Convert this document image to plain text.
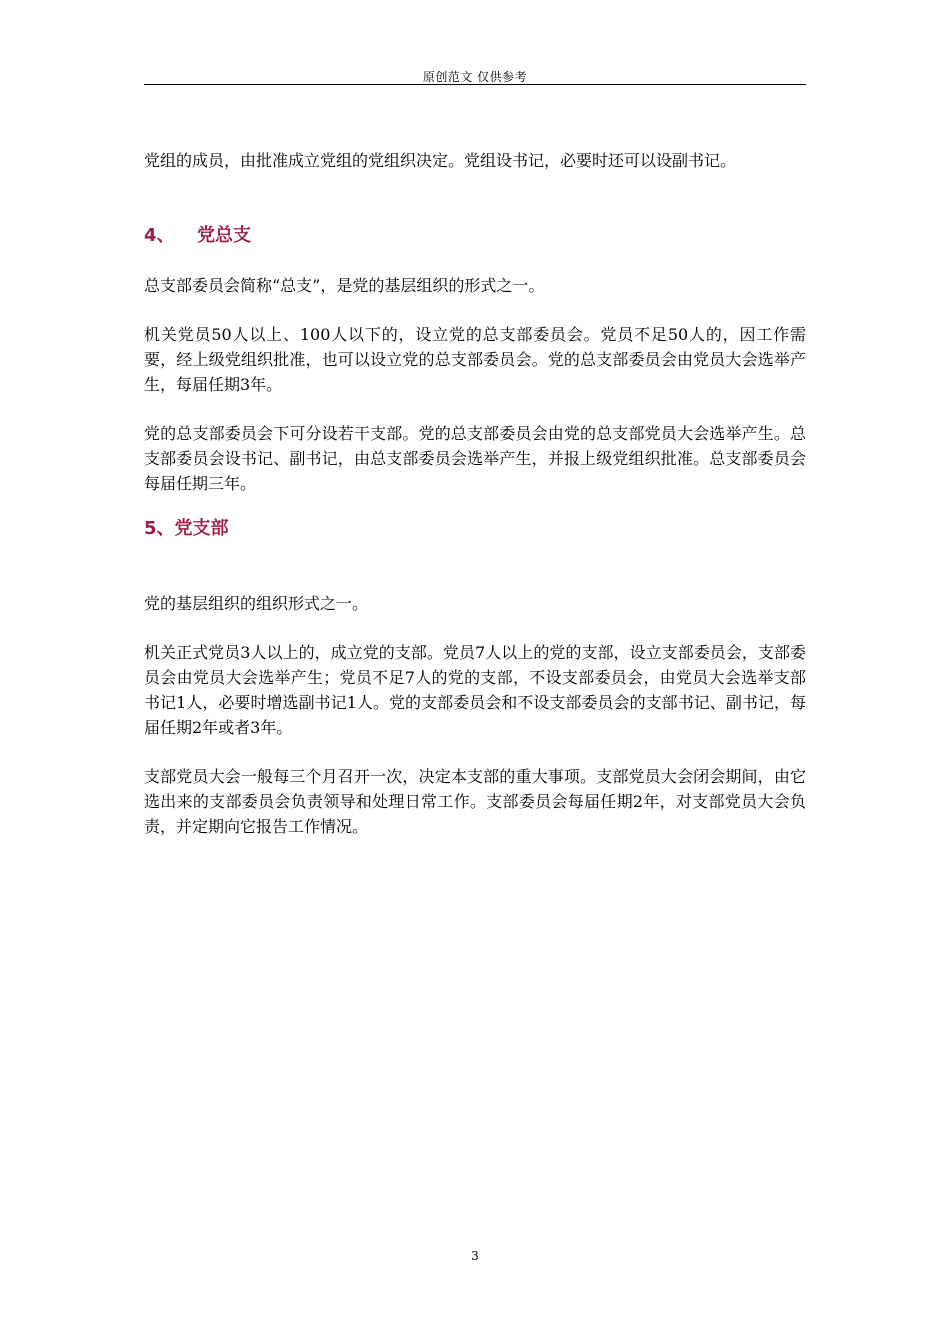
原创范文 仅供参考

党组的成员，由批准成立党组的党组织决定。党组设书记，必要时还可以设副书记。

4、 党总支

总支部委员会简称“总支”，是党的基层组织的形式之一。

机关党员50人以上、100人以下的，设立党的总支部委员会。党员不足50人的，因工作需要，经上级党组织批准，也可以设立党的总支部委员会。党的总支部委员会由党员大会选举产生，每届任期3年。

党的总支部委员会下可分设若干支部。党的总支部委员会由党的总支部党员大会选举产生。总支部委员会设书记、副书记，由总支部委员会选举产生，并报上级党组织批准。总支部委员会每届任期三年。

5、党支部

党的基层组织的组织形式之一。

机关正式党员3人以上的，成立党的支部。党员7人以上的党的支部，设立支部委员会，支部委员会由党员大会选举产生；党员不足7人的党的支部，不设支部委员会，由党员大会选举支部书记1人，必要时增选副书记1人。党的支部委员会和不设支部委员会的支部书记、副书记，每届任期2年或者3年。

支部党员大会一般每三个月召开一次，决定本支部的重大事项。支部党员大会闭会期间，由它选出来的支部委员会负责领导和处理日常工作。支部委员会每届任期2年，对支部党员大会负责，并定期向它报告工作情况。

3
